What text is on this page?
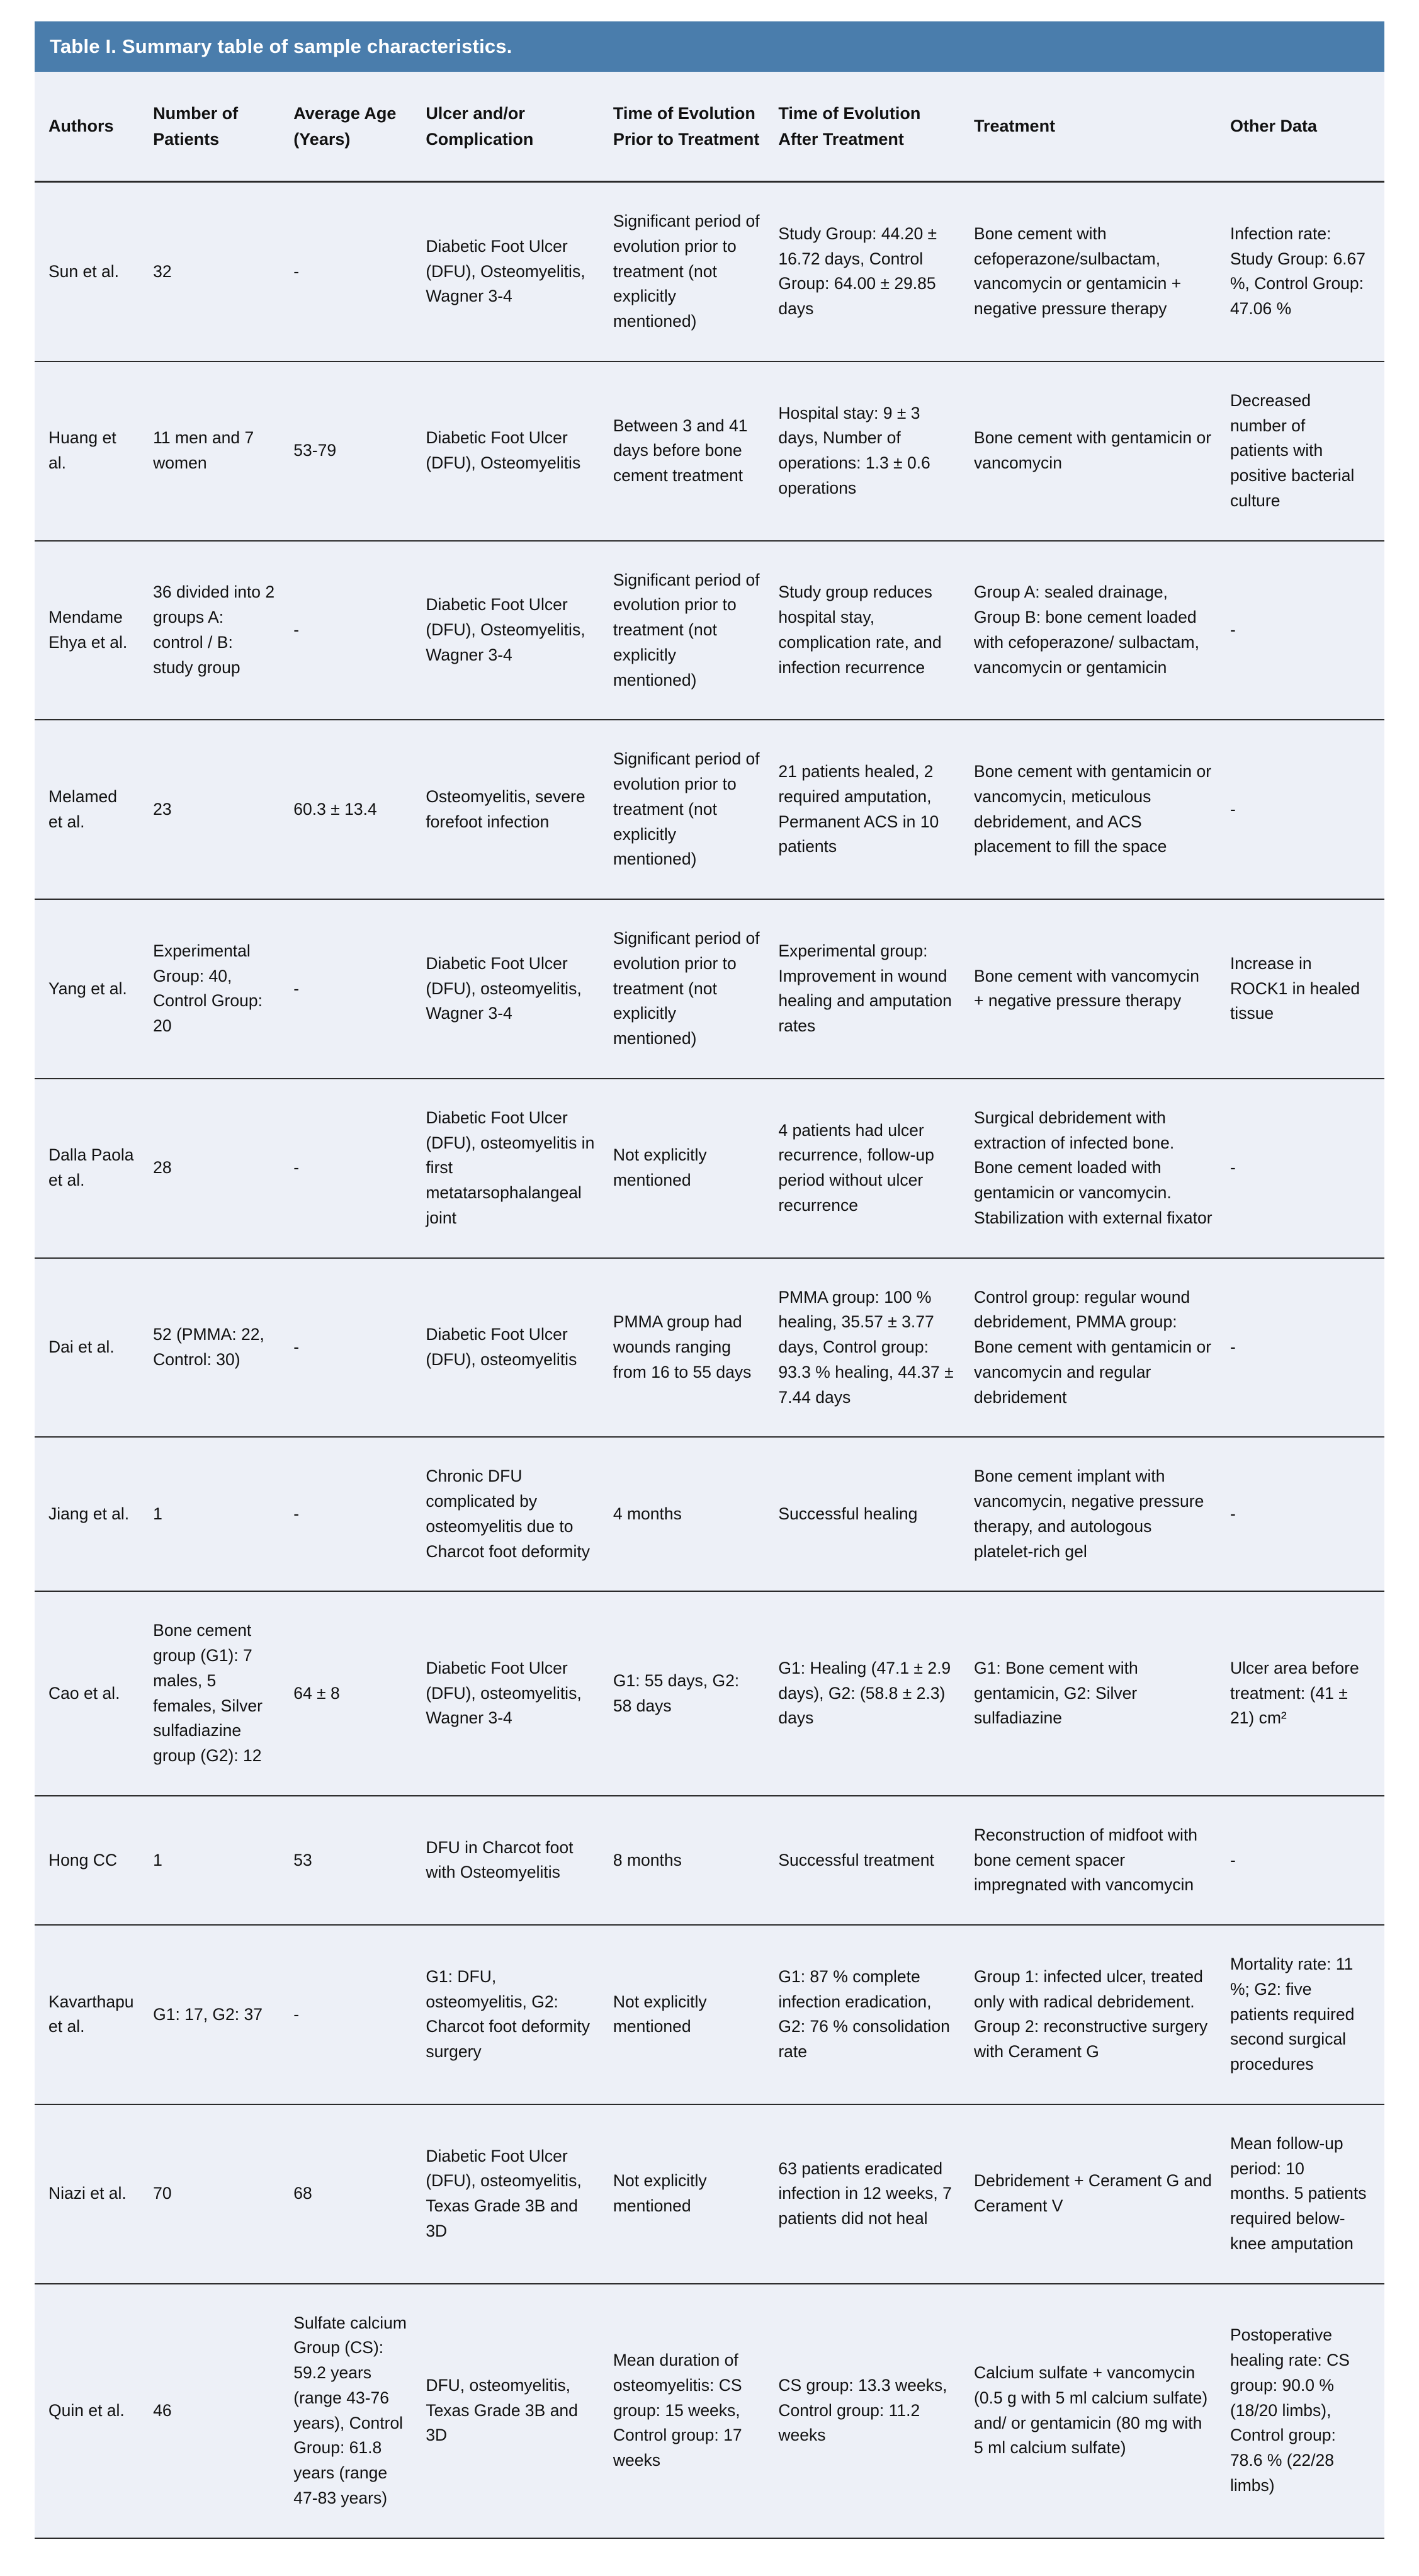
Table I. Summary table of sample characteristics.
Authors	Number of Patients	Average Age (Years)	Ulcer and/or Complication	Time of Evolution Prior to Treatment	Time of Evolution After Treatment	Treatment	Other Data
Sun et al.	32	-	Diabetic Foot Ulcer (DFU), Osteomyelitis, Wagner 3-4	Significant period of evolution prior to treatment (not explicitly mentioned)	Study Group: 44.20 ± 16.72 days, Control Group: 64.00 ± 29.85 days	Bone cement with cefoperazone/sulbactam, vancomycin or gentamicin + negative pressure therapy	Infection rate: Study Group: 6.67 %, Control Group: 47.06 %
Huang et al.	11 men and 7 women	53-79	Diabetic Foot Ulcer (DFU), Osteomyelitis	Between 3 and 41 days before bone cement treatment	Hospital stay: 9 ± 3 days, Number of operations: 1.3 ± 0.6 operations	Bone cement with gentamicin or vancomycin	Decreased number of patients with positive bacterial culture
Mendame Ehya et al.	36 divided into 2 groups A: control / B: study group	-	Diabetic Foot Ulcer (DFU), Osteomyelitis, Wagner 3-4	Significant period of evolution prior to treatment (not explicitly mentioned)	Study group reduces hospital stay, complication rate, and infection recurrence	Group A: sealed drainage, Group B: bone cement loaded with cefoperazone/ sulbactam, vancomycin or gentamicin	-
Melamed et al.	23	60.3 ± 13.4	Osteomyelitis, severe forefoot infection	Significant period of evolution prior to treatment (not explicitly mentioned)	21 patients healed, 2 required amputation, Permanent ACS in 10 patients	Bone cement with gentamicin or vancomycin, meticulous debridement, and ACS placement to fill the space	-
Yang et al.	Experimental Group: 40, Control Group: 20	-	Diabetic Foot Ulcer (DFU), osteomyelitis, Wagner 3-4	Significant period of evolution prior to treatment (not explicitly mentioned)	Experimental group: Improvement in wound healing and amputation rates	Bone cement with vancomycin + negative pressure therapy	Increase in ROCK1 in healed tissue
Dalla Paola et al.	28	-	Diabetic Foot Ulcer (DFU), osteomyelitis in first metatarsophalangeal joint	Not explicitly mentioned	4 patients had ulcer recurrence, follow-up period without ulcer recurrence	Surgical debridement with extraction of infected bone. Bone cement loaded with gentamicin or vancomycin. Stabilization with external fixator	-
Dai et al.	52 (PMMA: 22, Control: 30)	-	Diabetic Foot Ulcer (DFU), osteomyelitis	PMMA group had wounds ranging from 16 to 55 days	PMMA group: 100 % healing, 35.57 ± 3.77 days, Control group: 93.3 % healing, 44.37 ± 7.44 days	Control group: regular wound debridement, PMMA group: Bone cement with gentamicin or vancomycin and regular debridement	-
Jiang et al.	1	-	Chronic DFU complicated by osteomyelitis due to Charcot foot deformity	4 months	Successful healing	Bone cement implant with vancomycin, negative pressure therapy, and autologous platelet-rich gel	-
Cao et al.	Bone cement group (G1): 7 males, 5 females, Silver sulfadiazine group (G2): 12	64 ± 8	Diabetic Foot Ulcer (DFU), osteomyelitis, Wagner 3-4	G1: 55 days, G2: 58 days	G1: Healing (47.1 ± 2.9 days), G2: (58.8 ± 2.3) days	G1: Bone cement with gentamicin, G2: Silver sulfadiazine	Ulcer area before treatment: (41 ± 21) cm²
Hong CC	1	53	DFU in Charcot foot with Osteomyelitis	8 months	Successful treatment	Reconstruction of midfoot with bone cement spacer impregnated with vancomycin	-
Kavarthapu et al.	G1: 17, G2: 37	-	G1: DFU, osteomyelitis, G2: Charcot foot deformity surgery	Not explicitly mentioned	G1: 87 % complete infection eradication, G2: 76 % consolidation rate	Group 1: infected ulcer, treated only with radical debridement. Group 2: reconstructive surgery with Cerament G	Mortality rate: 11 %; G2: five patients required second surgical procedures
Niazi et al.	70	68	Diabetic Foot Ulcer (DFU), osteomyelitis, Texas Grade 3B and 3D	Not explicitly mentioned	63 patients eradicated infection in 12 weeks, 7 patients did not heal	Debridement + Cerament G and Cerament V	Mean follow-up period: 10 months. 5 patients required below-knee amputation
Quin et al.	46	Sulfate calcium Group (CS): 59.2 years (range 43-76 years), Control Group: 61.8 years (range 47-83 years)	DFU, osteomyelitis, Texas Grade 3B and 3D	Mean duration of osteomyelitis: CS group: 15 weeks, Control group: 17 weeks	CS group: 13.3 weeks, Control group: 11.2 weeks	Calcium sulfate + vancomycin (0.5 g with 5 ml calcium sulfate) and/ or gentamicin (80 mg with 5 ml calcium sulfate)	Postoperative healing rate: CS group: 90.0 % (18/20 limbs), Control group: 78.6 % (22/28 limbs)
